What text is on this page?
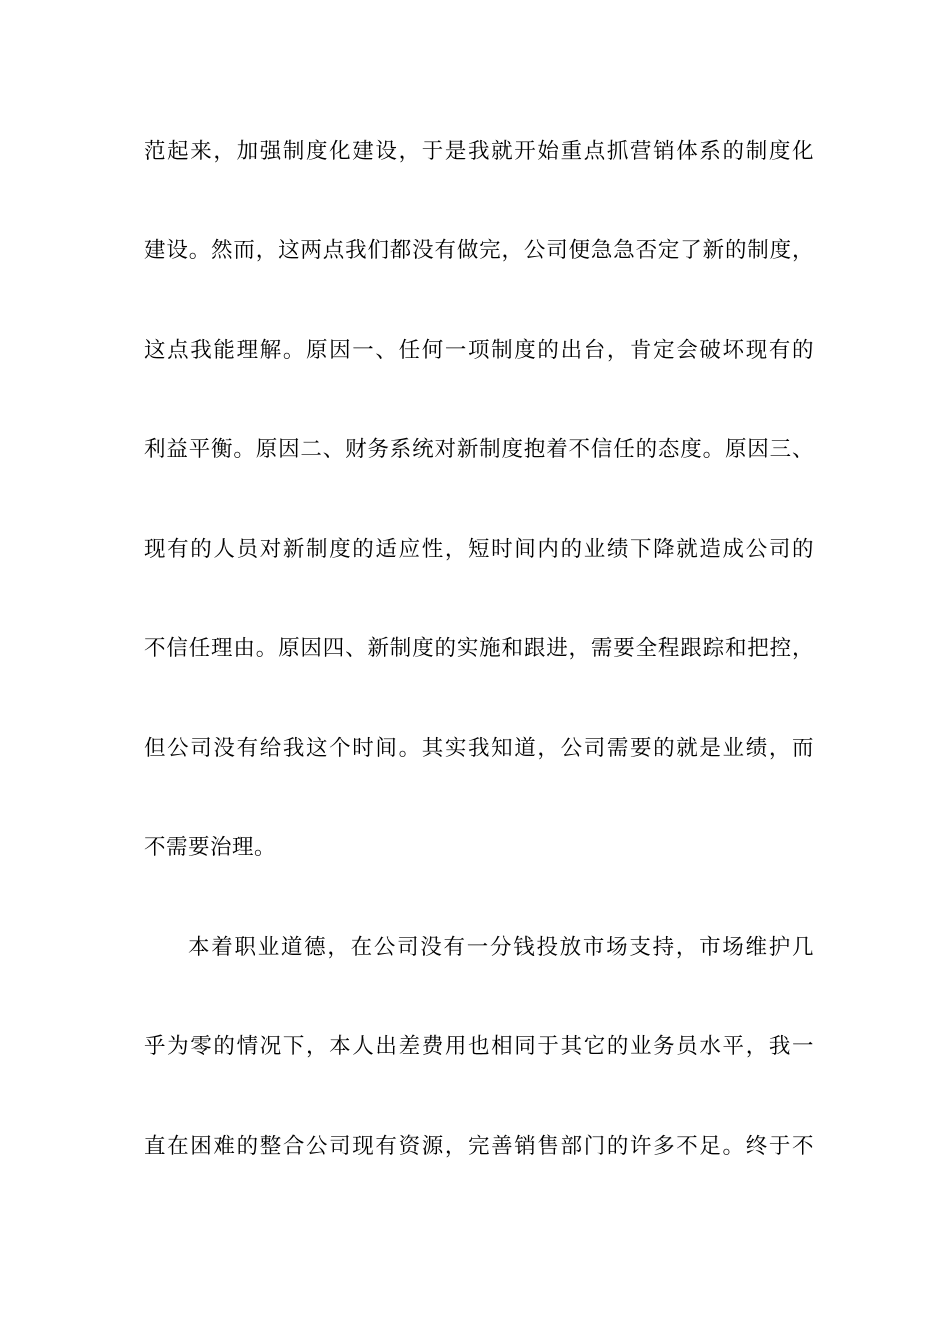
范起来，加强制度化建设，于是我就开始重点抓营销体系的制度化
建设。然而，这两点我们都没有做完，公司便急急否定了新的制度，
这点我能理解。原因一、任何一项制度的出台，肯定会破坏现有的
利益平衡。原因二、财务系统对新制度抱着不信任的态度。原因三、
现有的人员对新制度的适应性，短时间内的业绩下降就造成公司的
不信任理由。原因四、新制度的实施和跟进，需要全程跟踪和把控，
但公司没有给我这个时间。其实我知道，公司需要的就是业绩，而
不需要治理。
本着职业道德，在公司没有一分钱投放市场支持，市场维护几
乎为零的情况下，本人出差费用也相同于其它的业务员水平，我一
直在困难的整合公司现有资源，完善销售部门的许多不足。终于不
